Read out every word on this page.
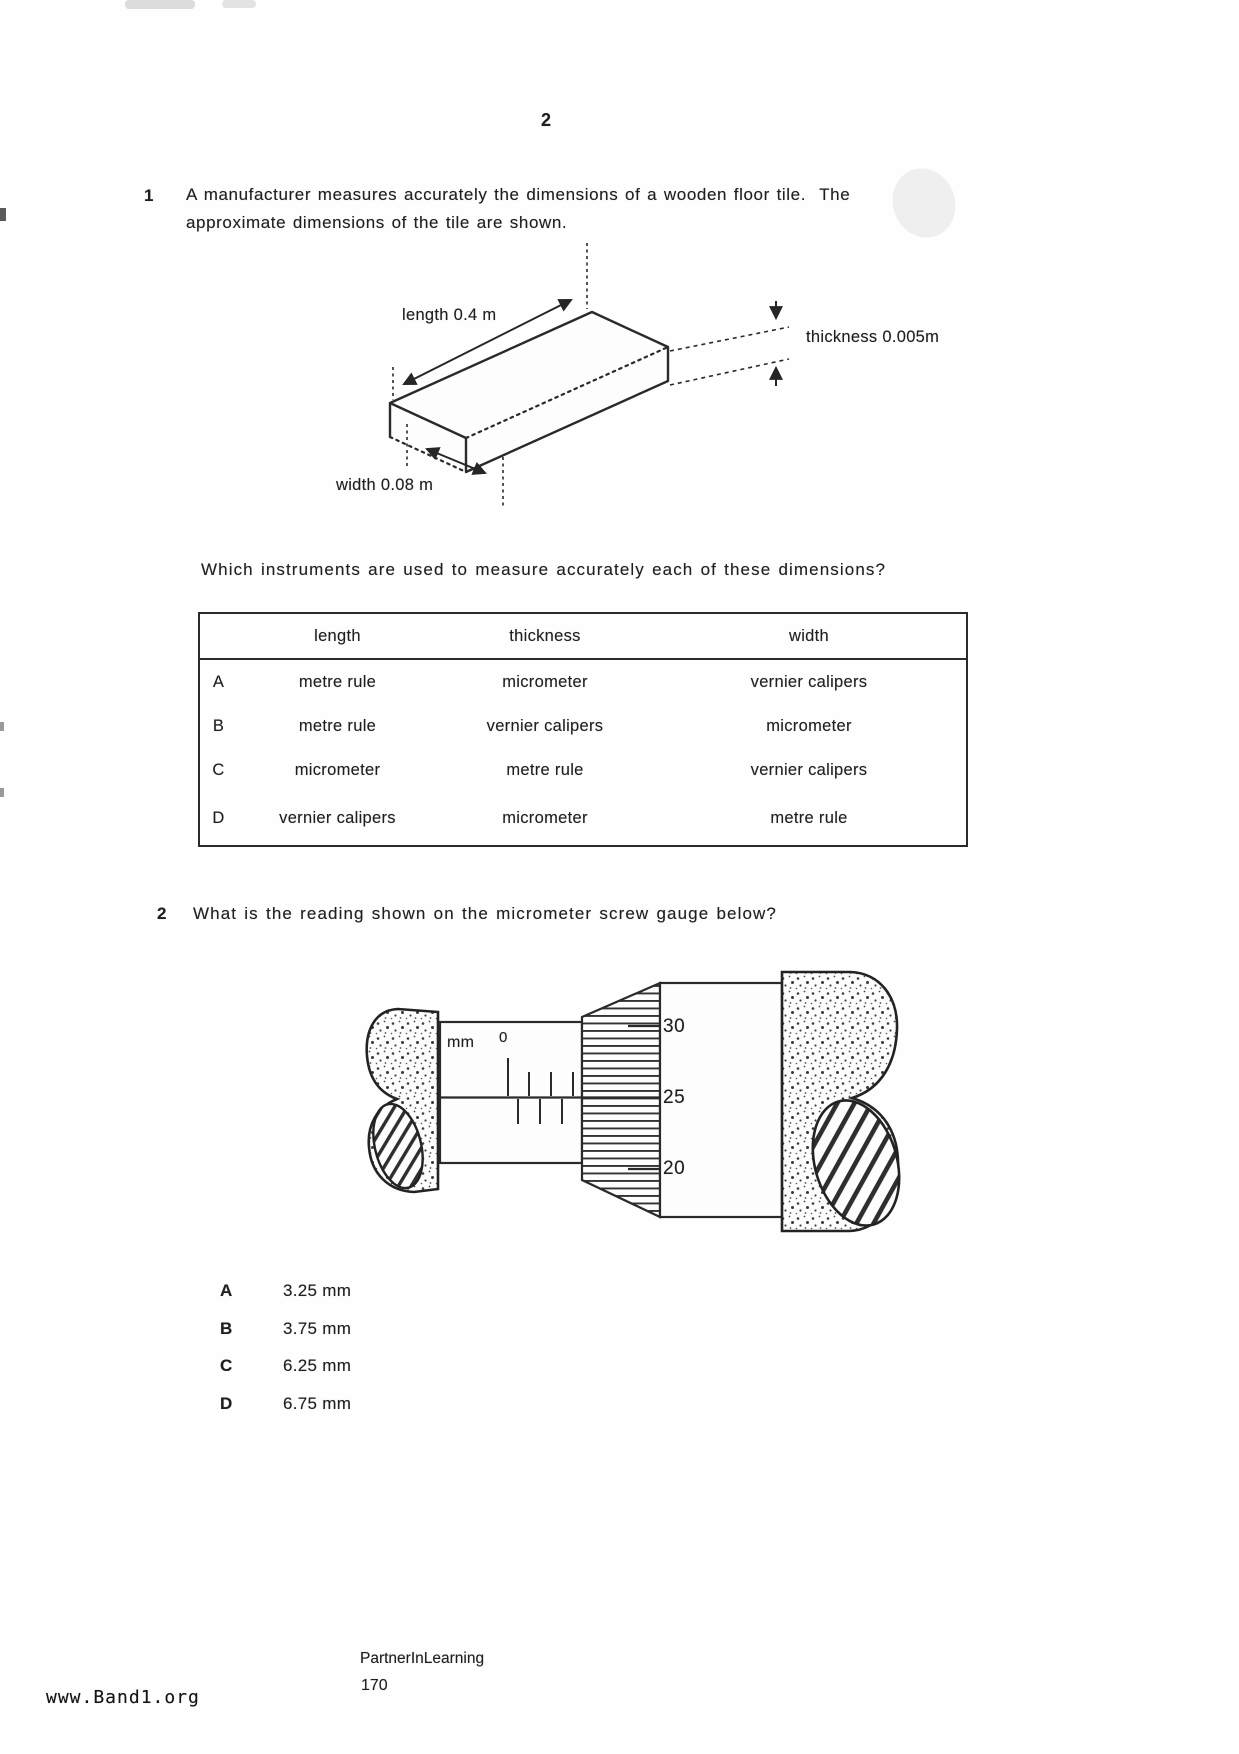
2
1 A manufacturer measures accurately the dimensions of a wooden floor tile.  The
approximate dimensions of the tile are shown.
length 0.4 m
thickness 0.005m
width 0.08 m
Which instruments are used to measure accurately each of these dimensions?
	length	thickness	width
A	metre rule	micrometer	vernier calipers
B	metre rule	vernier calipers	micrometer
C	micrometer	metre rule	vernier calipers
D	vernier calipers	micrometer	metre rule
2 What is the reading shown on the micrometer screw gauge below?
mm 0
30
25
20
A	3.25 mm
B	3.75 mm
C	6.25 mm
D	6.75 mm
PartnerInLearning
170
www.Band1.org
